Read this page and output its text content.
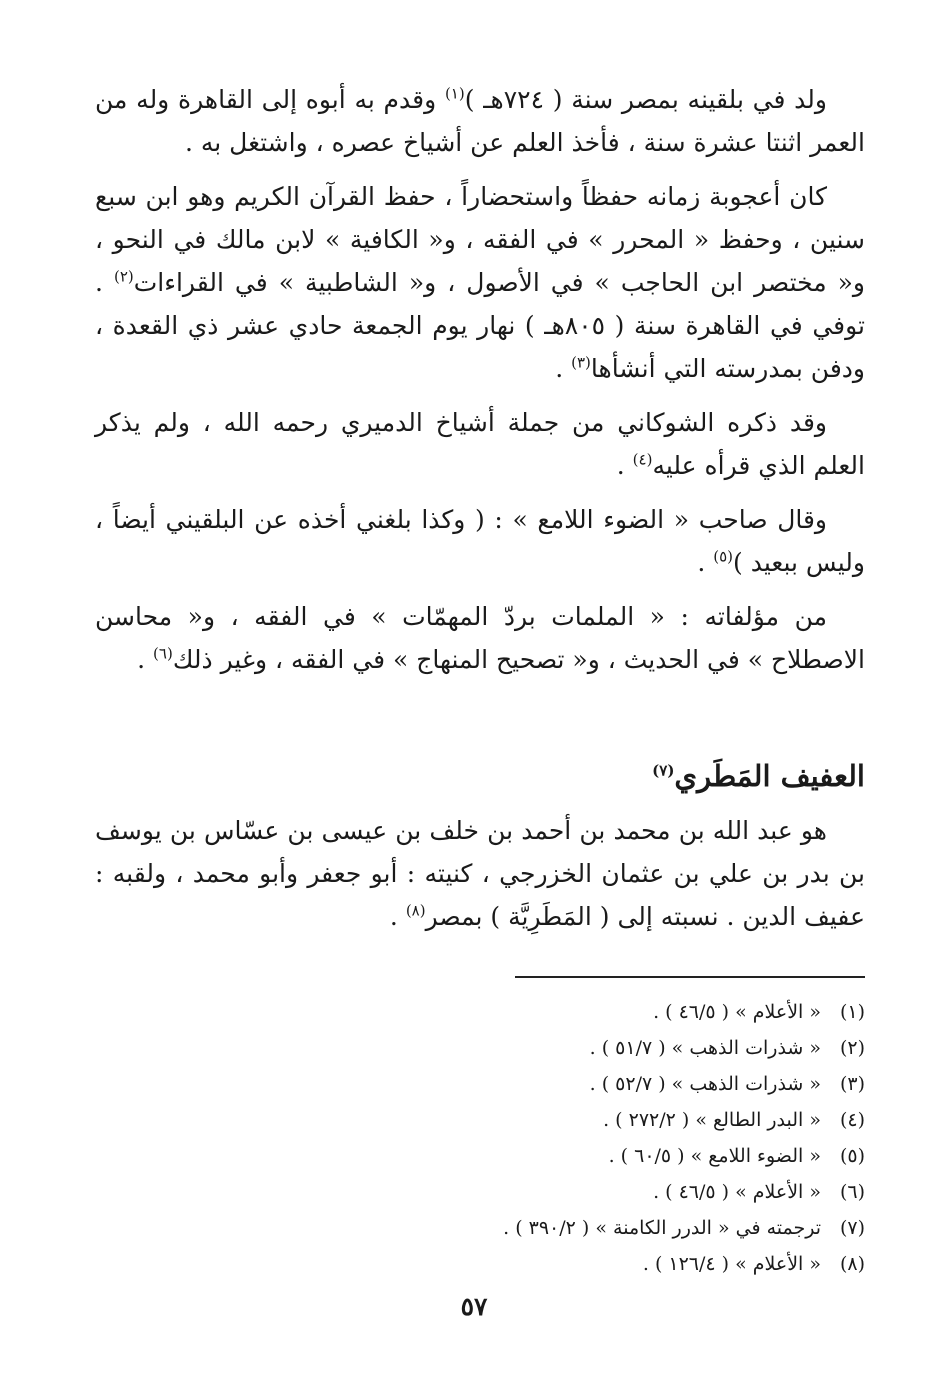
ولد في بلقينه بمصر سنة ( ٧٢٤هـ )$^{(١)}$ وقدم به أبوه إلى القاهرة وله من العمر اثنتا عشرة سنة ، فأخذ العلم عن أشياخ عصره ، واشتغل به .

كان أعجوبة زمانه حفظاً واستحضاراً ، حفظ القرآن الكريم وهو ابن سبع سنين ، وحفظ « المحرر » في الفقه ، و« الكافية » لابن مالك في النحو ، و« مختصر ابن الحاجب » في الأصول ، و« الشاطبية » في القراءات$^{(٢)}$ . توفي في القاهرة سنة ( ٨٠٥هـ ) نهار يوم الجمعة حادي عشر ذي القعدة ، ودفن بمدرسته التي أنشأها$^{(٣)}$ .

وقد ذكره الشوكاني من جملة أشياخ الدميري رحمه الله ، ولم يذكر العلم الذي قرأه عليه$^{(٤)}$ .

وقال صاحب « الضوء اللامع » : ( وكذا بلغني أخذه عن البلقيني أيضاً ، وليس ببعيد )$^{(٥)}$ .

من مؤلفاته : « الملمات بردّ المهمّات » في الفقه ، و« محاسن الاصطلاح » في الحديث ، و« تصحيح المنهاج » في الفقه ، وغير ذلك$^{(٦)}$ .

العفيف المَطَري$^{(٧)}$

هو عبد الله بن محمد بن أحمد بن خلف بن عيسى بن عسّاس بن يوسف بن بدر بن علي بن عثمان الخزرجي ، كنيته : أبو جعفر وأبو محمد ، ولقبه : عفيف الدين . نسبته إلى ( المَطَرِيَّة ) بمصر$^{(٨)}$ .

(١)
« الأعلام » ( ٤٦/٥ ) .
(٢)
« شذرات الذهب » ( ٥١/٧ ) .
(٣)
« شذرات الذهب » ( ٥٢/٧ ) .
(٤)
« البدر الطالع » ( ٢٧٢/٢ ) .
(٥)
« الضوء اللامع » ( ٦٠/٥ ) .
(٦)
« الأعلام » ( ٤٦/٥ ) .
(٧)
ترجمته في « الدرر الكامنة » ( ٣٩٠/٢ ) .
(٨)
« الأعلام » ( ١٢٦/٤ ) .
٥٧
